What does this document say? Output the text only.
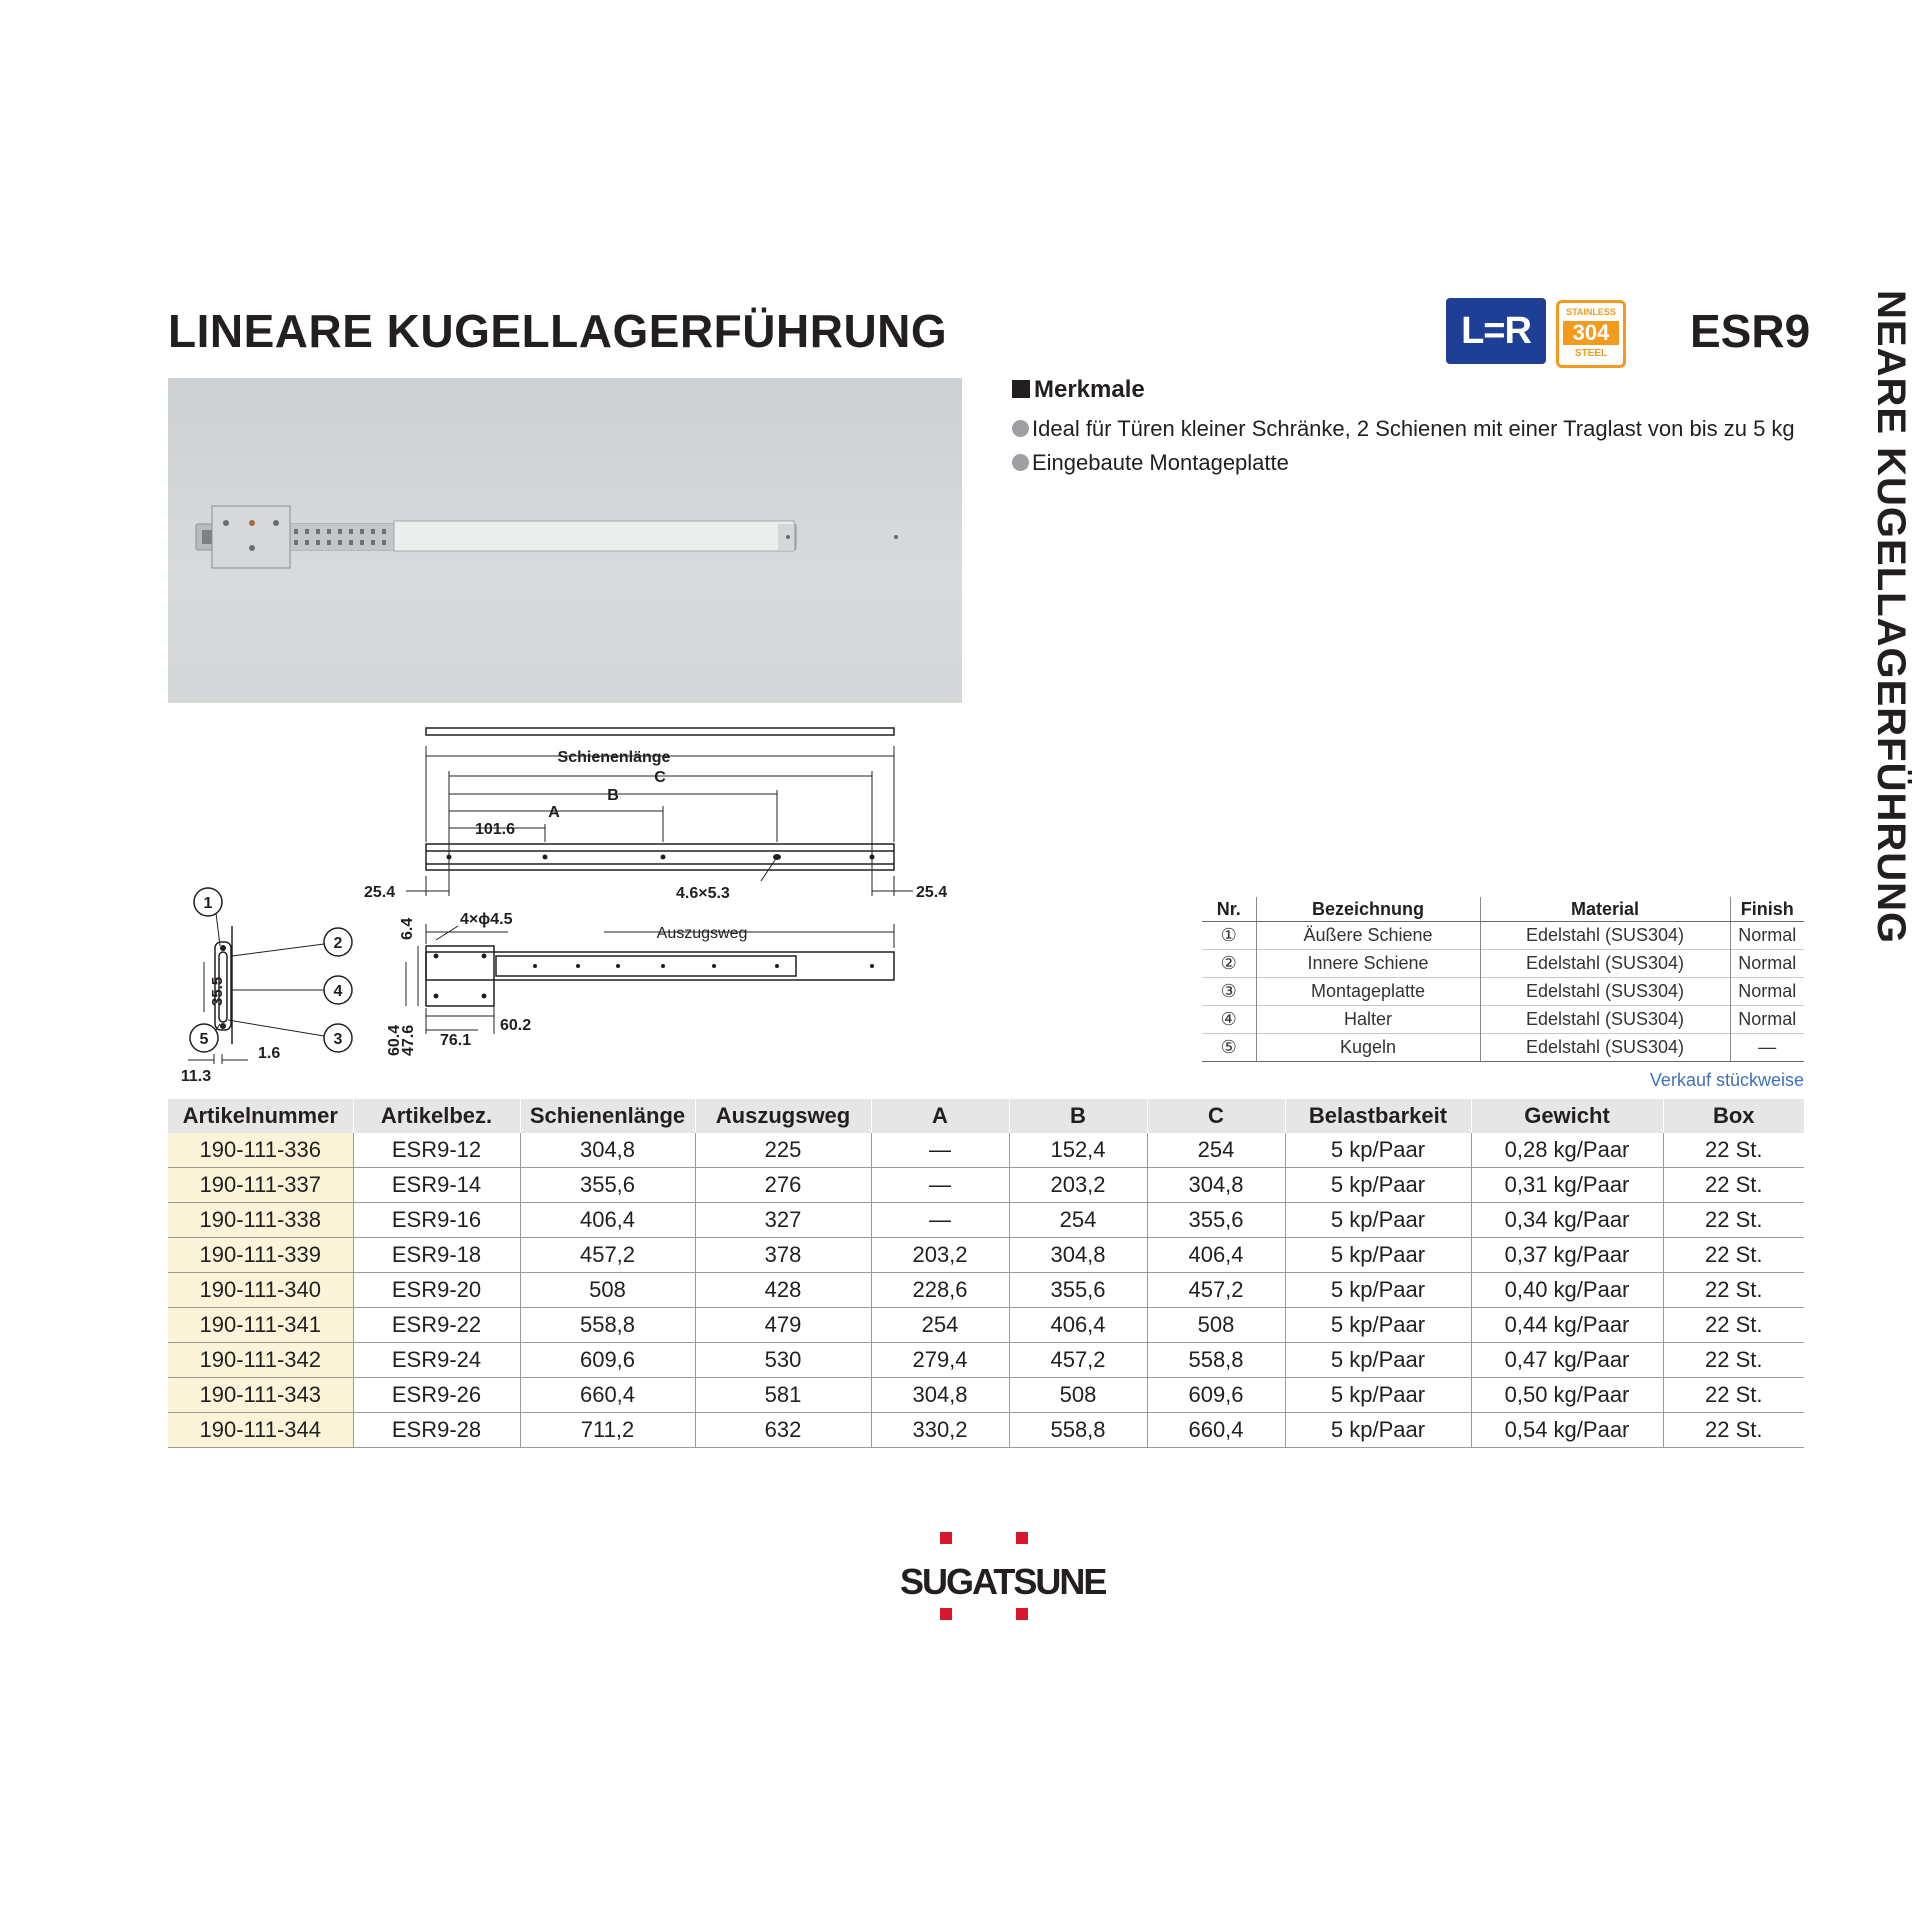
LINEARE KUGELLAGERFÜHRUNG	L=R	STAINLESS
304
STEEL	ESR9 NEARE KUGELLAGERFÜHRUNG
Merkmale
Ideal für Türen kleiner Schränke, 2 Schienen mit einer Traglast von bis zu 5 kg
Eingebaute Montageplatte
Schienenlänge
C
B
A
101.6
25.4	25.4
4.6×5.3
Auszugsweg
4×ϕ4.5
6.4
60.4
47.6 76.1
60.2
1
2
3
4
5
35.5
11.3
1.6
Nr.	Bezeichnung	Material	Finish
①	Äußere Schiene	Edelstahl (SUS304)	Normal
②	Innere Schiene	Edelstahl (SUS304)	Normal
③	Montageplatte	Edelstahl (SUS304)	Normal
④	Halter	Edelstahl (SUS304)	Normal
⑤	Kugeln	Edelstahl (SUS304)	—
Verkauf stückweise
Artikelnummer	Artikelbez.	Schienenlänge	Auszugsweg	A	B	C	Belastbarkeit	Gewicht	Box
190-111-336	ESR9-12	304,8	225	—	152,4	254	5 kp/Paar	0,28 kg/Paar	22 St.
190-111-337	ESR9-14	355,6	276	—	203,2	304,8	5 kp/Paar	0,31 kg/Paar	22 St.
190-111-338	ESR9-16	406,4	327	—	254	355,6	5 kp/Paar	0,34 kg/Paar	22 St.
190-111-339	ESR9-18	457,2	378	203,2	304,8	406,4	5 kp/Paar	0,37 kg/Paar	22 St.
190-111-340	ESR9-20	508	428	228,6	355,6	457,2	5 kp/Paar	0,40 kg/Paar	22 St.
190-111-341	ESR9-22	558,8	479	254	406,4	508	5 kp/Paar	0,44 kg/Paar	22 St.
190-111-342	ESR9-24	609,6	530	279,4	457,2	558,8	5 kp/Paar	0,47 kg/Paar	22 St.
190-111-343	ESR9-26	660,4	581	304,8	508	609,6	5 kp/Paar	0,50 kg/Paar	22 St.
190-111-344	ESR9-28	711,2	632	330,2	558,8	660,4	5 kp/Paar	0,54 kg/Paar	22 St.
SUGATSUNE
